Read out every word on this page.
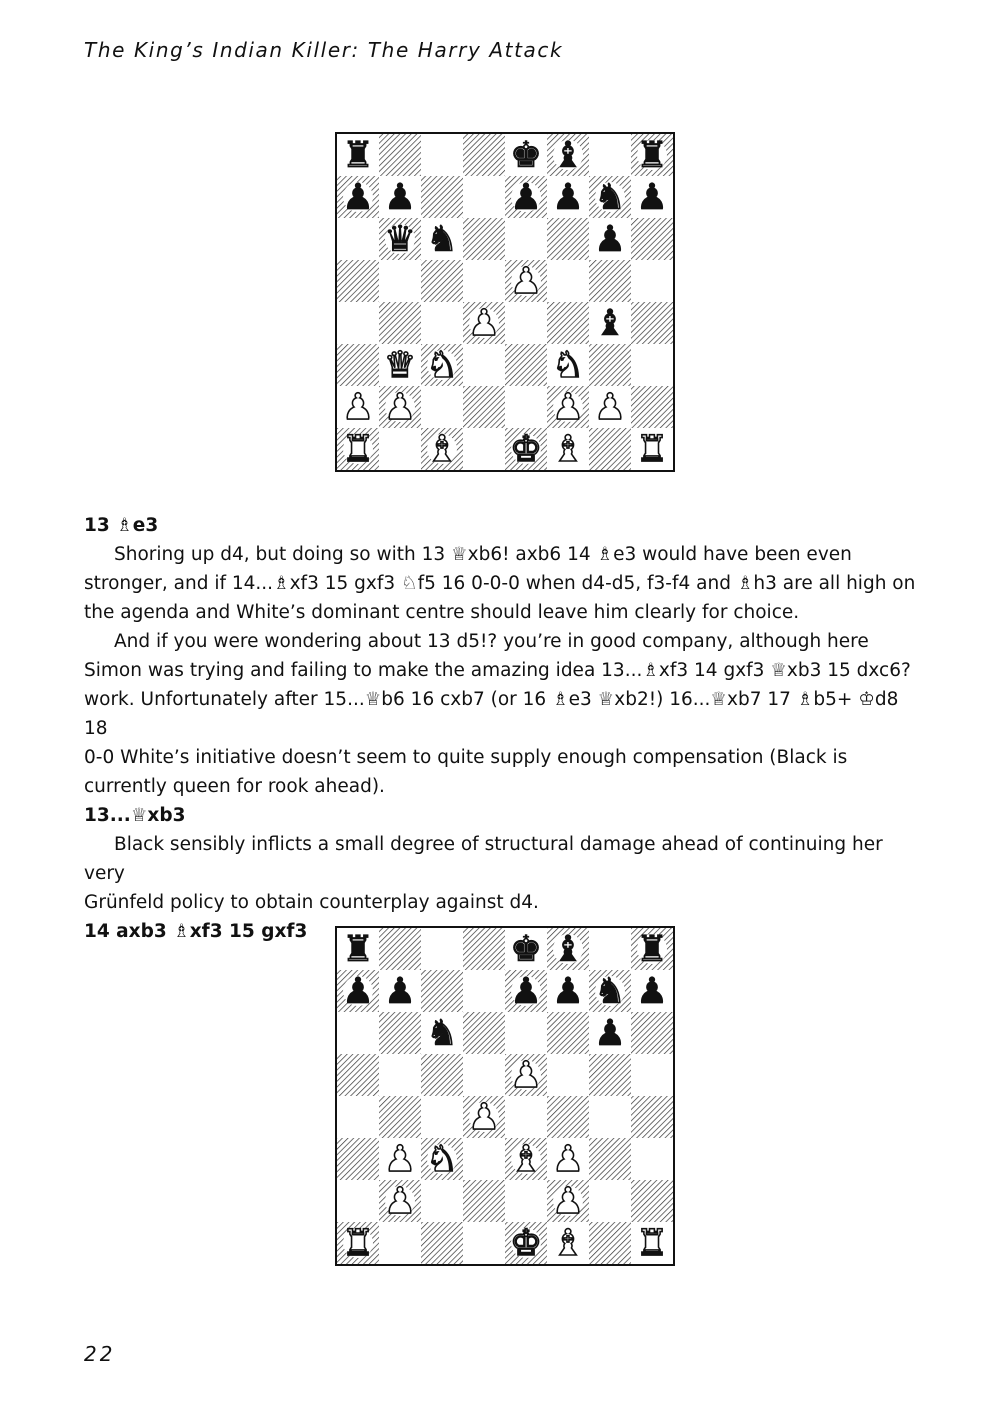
The King’s Indian Killer: The Harry Attack
♜	♚ ♝ ♜
♟ ♟	♟ ♟ ♞ ♟
♛ ♞	♟
♟
♟	♝
♛ ♞	♞
♟ ♟	♟ ♟
♜ ♝ ♚ ♝ ♜

13 ♗e3

Shoring up d4, but doing so with 13 ♕xb6! axb6 14 ♗e3 would have been even
stronger, and if 14...♗xf3 15 gxf3 ♘f5 16 0-0-0 when d4-d5, f3-f4 and ♗h3 are all high on
the agenda and White’s dominant centre should leave him clearly for choice.

And if you were wondering about 13 d5!? you’re in good company, although here
Simon was trying and failing to make the amazing idea 13...♗xf3 14 gxf3 ♕xb3 15 dxc6?
work. Unfortunately after 15...♕b6 16 cxb7 (or 16 ♗e3 ♕xb2!) 16...♕xb7 17 ♗b5+ ♔d8 18
0-0 White’s initiative doesn’t seem to quite supply enough compensation (Black is
currently queen for rook ahead).

13...♕xb3

Black sensibly inflicts a small degree of structural damage ahead of continuing her very
Grünfeld policy to obtain counterplay against d4.

14 axb3 ♗xf3 15 gxf3 ♜	♚ ♝ ♜
♟ ♟	♟ ♟ ♞ ♟
♞	♟
♟
♟
♟ ♞ ♝ ♟
♟	♟
♜	♚ ♝ ♜
22
